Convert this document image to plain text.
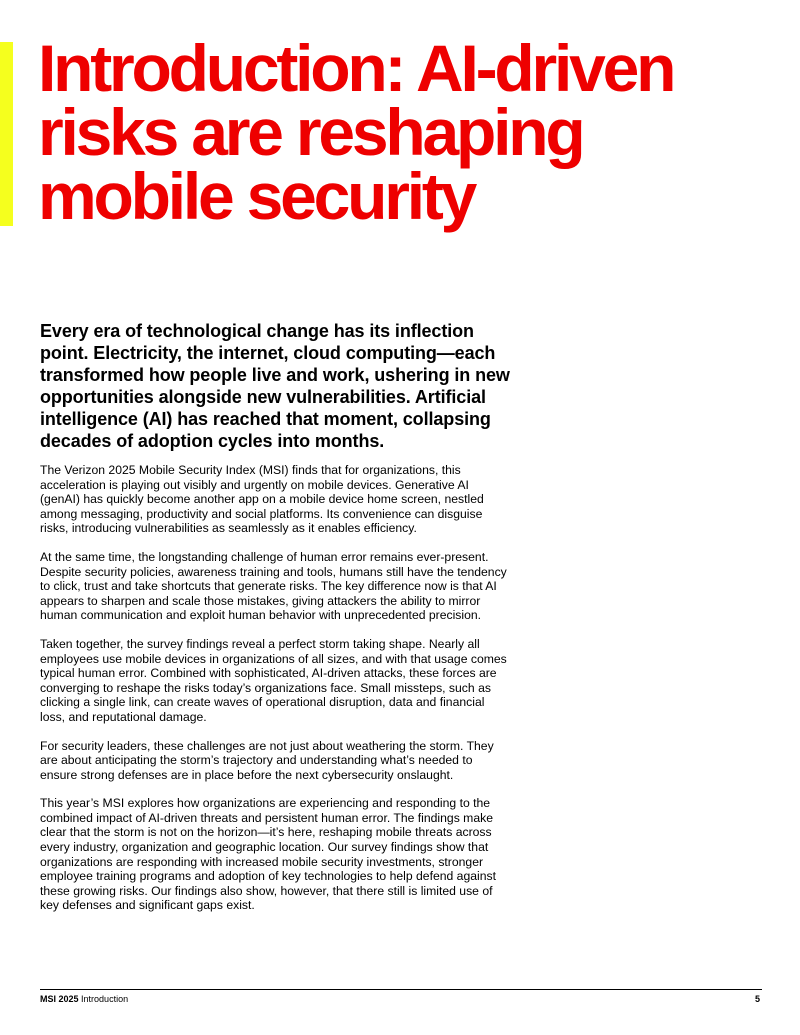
Introduction: AI-driven risks are reshaping mobile security

Every era of technological change has its inflection point. Electricity, the internet, cloud computing—each transformed how people live and work, ushering in new opportunities alongside new vulnerabilities. Artificial intelligence (AI) has reached that moment, collapsing decades of adoption cycles into months.

The Verizon 2025 Mobile Security Index (MSI) finds that for organizations, this acceleration is playing out visibly and urgently on mobile devices. Generative AI (genAI) has quickly become another app on a mobile device home screen, nestled among messaging, productivity and social platforms. Its convenience can disguise risks, introducing vulnerabilities as seamlessly as it enables efficiency.

At the same time, the longstanding challenge of human error remains ever-present. Despite security policies, awareness training and tools, humans still have the tendency to click, trust and take shortcuts that generate risks. The key difference now is that AI appears to sharpen and scale those mistakes, giving attackers the ability to mirror human communication and exploit human behavior with unprecedented precision.

Taken together, the survey findings reveal a perfect storm taking shape. Nearly all employees use mobile devices in organizations of all sizes, and with that usage comes typical human error. Combined with sophisticated, AI-driven attacks, these forces are converging to reshape the risks today’s organizations face. Small missteps, such as clicking a single link, can create waves of operational disruption, data and financial loss, and reputational damage.

For security leaders, these challenges are not just about weathering the storm. They are about anticipating the storm’s trajectory and understanding what’s needed to ensure strong defenses are in place before the next cybersecurity onslaught.

This year’s MSI explores how organizations are experiencing and responding to the combined impact of AI-driven threats and persistent human error. The findings make clear that the storm is not on the horizon—it’s here, reshaping mobile threats across every industry, organization and geographic location. Our survey findings show that organizations are responding with increased mobile security investments, stronger employee training programs and adoption of key technologies to help defend against these growing risks. Our findings also show, however, that there still is limited use of key defenses and significant gaps exist.

MSI 2025 Introduction	5
